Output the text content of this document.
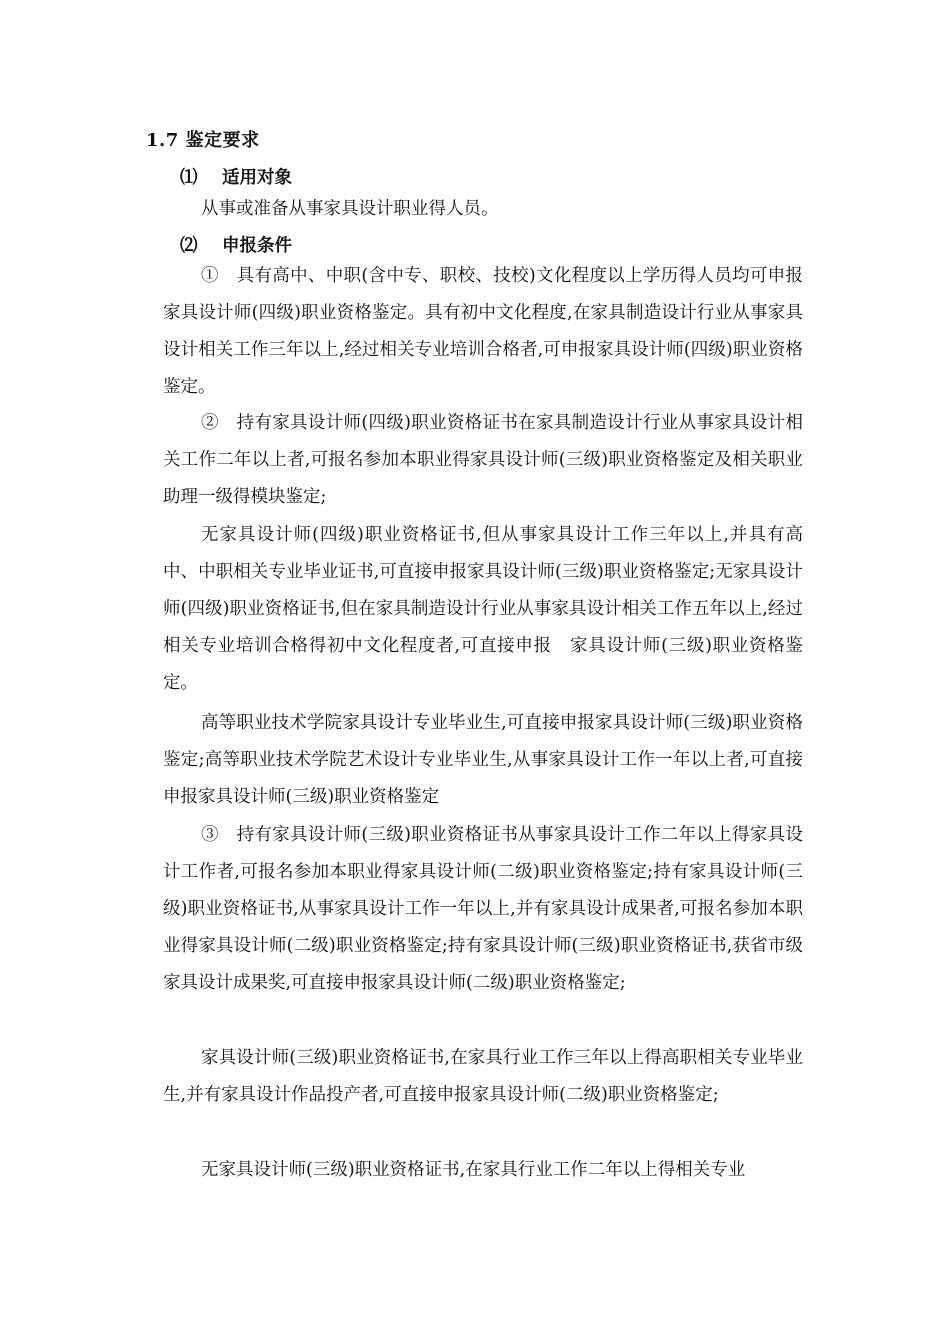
1.7 鉴定要求
⑴ 适用对象

从事或准备从事家具设计职业得人员。

⑵ 申报条件

①　具有高中、中职(含中专、职校、技校)文化程度以上学历得人员均可申报家具设计师(四级)职业资格鉴定。具有初中文化程度,在家具制造设计行业从事家具设计相关工作三年以上,经过相关专业培训合格者,可申报家具设计师(四级)职业资格鉴定。

②　持有家具设计师(四级)职业资格证书在家具制造设计行业从事家具设计相关工作二年以上者,可报名参加本职业得家具设计师(三级)职业资格鉴定及相关职业助理一级得模块鉴定;

无家具设计师(四级)职业资格证书,但从事家具设计工作三年以上,并具有高中、中职相关专业毕业证书,可直接申报家具设计师(三级)职业资格鉴定;无家具设计师(四级)职业资格证书,但在家具制造设计行业从事家具设计相关工作五年以上,经过相关专业培训合格得初中文化程度者,可直接申报　家具设计师(三级)职业资格鉴定。

高等职业技术学院家具设计专业毕业生,可直接申报家具设计师(三级)职业资格鉴定;高等职业技术学院艺术设计专业毕业生,从事家具设计工作一年以上者,可直接申报家具设计师(三级)职业资格鉴定

③　持有家具设计师(三级)职业资格证书从事家具设计工作二年以上得家具设计工作者,可报名参加本职业得家具设计师(二级)职业资格鉴定;持有家具设计师(三级)职业资格证书,从事家具设计工作一年以上,并有家具设计成果者,可报名参加本职业得家具设计师(二级)职业资格鉴定;持有家具设计师(三级)职业资格证书,获省市级家具设计成果奖,可直接申报家具设计师(二级)职业资格鉴定;

家具设计师(三级)职业资格证书,在家具行业工作三年以上得高职相关专业毕业生,并有家具设计作品投产者,可直接申报家具设计师(二级)职业资格鉴定;

无家具设计师(三级)职业资格证书,在家具行业工作二年以上得相关专业
